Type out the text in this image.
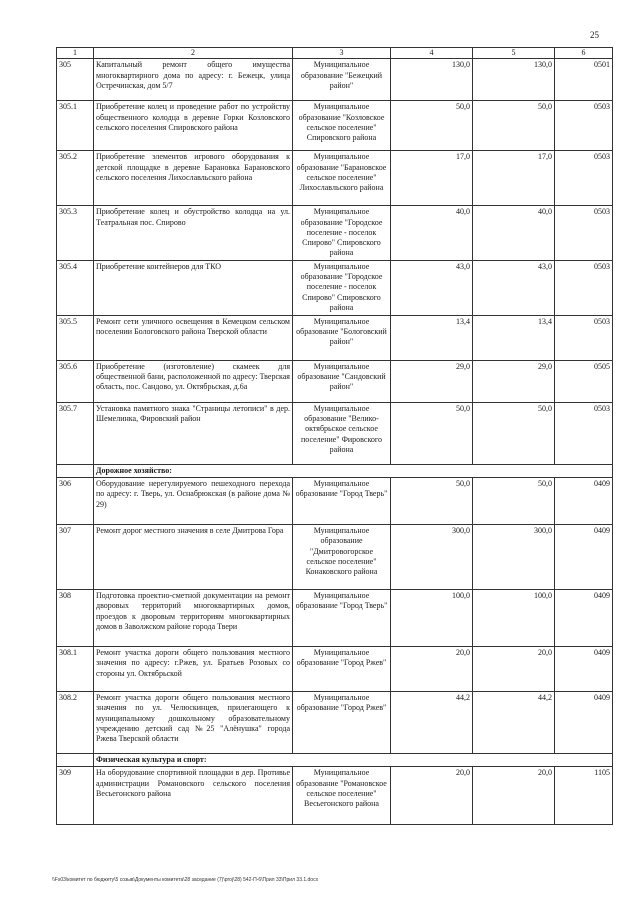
25
1	2	3	4	5	6
305	Капитальный ремонт общего имущества многоквартирного дома по адресу: г. Бежецк, улица Остречинская, дом 5/7	Муниципальное образование "Бежецкий район"	130,0	130,0	0501
305.1	Приобретение колец и проведение работ по устройству общественного колодца в деревне Горки Козловского сельского поселения Спировского района	Муниципальное образование "Козловское сельское поселение" Спировского района	50,0	50,0	0503
305.2	Приобретение элементов игрового оборудования к детской площадке в деревне Барановка Барановского сельского поселения Лихославльского района	Муниципальное образование "Барановское сельское поселение" Лихославльского района	17,0	17,0	0503
305.3	Приобретение колец и обустройство колодца на ул. Театральная пос. Спирово	Муниципальное образование "Городское поселение - поселок Спирово" Спировского района	40,0	40,0	0503
305.4	Приобретение контейнеров для ТКО	Муниципальное образование "Городское поселение - поселок Спирово" Спировского района	43,0	43,0	0503
305.5	Ремонт сети уличного освещения в Кемецком сельском поселении Бологовского района Тверской области	Муниципальное образование "Бологовский район"	13,4	13,4	0503
305.6	Приобретение (изготовление) скамеек для общественной бани, расположенной по адресу: Тверская область, пос. Сандово, ул. Октябрьская, д.6а	Муниципальное образование "Сандовский район"	29,0	29,0	0505
305.7	Установка памятного знака "Страницы летописи" в дер. Шемелинка, Фировский район	Муниципальное образование "Велико-октябрьское сельское поселение" Фировского района	50,0	50,0	0503
	Дорожное хозяйство:				
306	Оборудование нерегулируемого пешеходного перехода по адресу: г. Тверь, ул. Оснабрюкская (в районе дома № 29)	Муниципальное образование "Город Тверь"	50,0	50,0	0409
307	Ремонт дорог местного значения в селе Дмитрова Гора	Муниципальное образование "Дмитровогорское сельское поселение" Конаковского района	300,0	300,0	0409
308	Подготовка проектно-сметной документации на ремонт дворовых территорий многоквартирных домов, проездов к дворовым территориям многоквартирных домов в Заволжском районе города Твери	Муниципальное образование "Город Тверь"	100,0	100,0	0409
308.1	Ремонт участка дороги общего пользования местного значения по адресу: г.Ржев, ул. Братьев Розовых со стороны ул. Октябрьской	Муниципальное образование "Город Ржев"	20,0	20,0	0409
308.2	Ремонт участка дороги общего пользования местного значения по ул. Челюскинцев, прилегающего к муниципальному дошкольному образовательному учреждению детский сад №25 "Алёнушка" города Ржева Тверской области	Муниципальное образование "Город Ржев"	44,2	44,2	0409
	Физическая культура и спорт:				
309	На оборудование спортивной площадки в дер. Противье администрации Романовского сельского поселения Весьегонского района	Муниципальное образование "Романовское сельское поселение" Весьегонского района	20,0	20,0	1105
\\Fs03\комитет по бюджету\5 созыв\Документы комитета\28 заседание (7)\proj\28) 542-П-6\Прил 33\Прил 33.1.docx
